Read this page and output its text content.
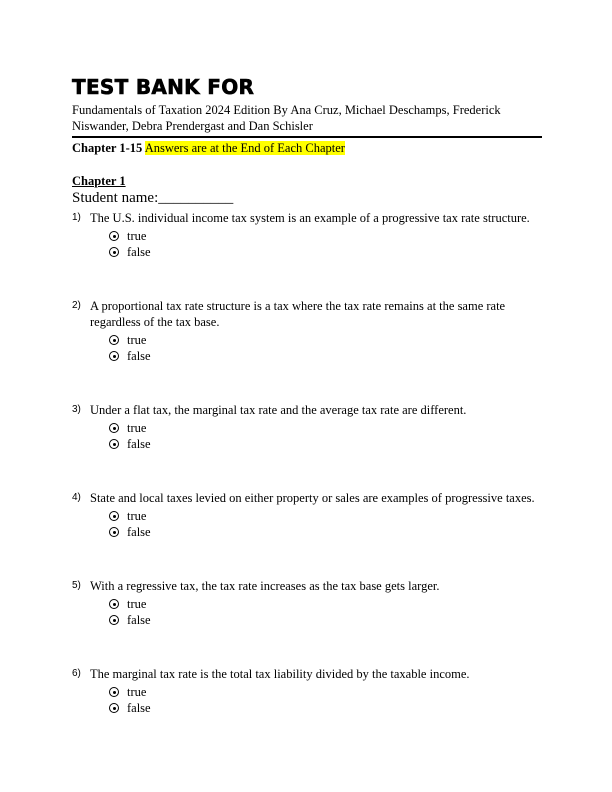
TEST BANK FOR
Fundamentals of Taxation 2024 Edition By Ana Cruz, Michael Deschamps, Frederick Niswander, Debra Prendergast and Dan Schisler
Chapter 1-15 Answers are at the End of Each Chapter
Chapter 1
Student name:__________
1) The U.S. individual income tax system is an example of a progressive tax rate structure.
true
false
2) A proportional tax rate structure is a tax where the tax rate remains at the same rate regardless of the tax base.
true
false
3) Under a flat tax, the marginal tax rate and the average tax rate are different.
true
false
4) State and local taxes levied on either property or sales are examples of progressive taxes.
true
false
5) With a regressive tax, the tax rate increases as the tax base gets larger.
true
false
6) The marginal tax rate is the total tax liability divided by the taxable income.
true
false
